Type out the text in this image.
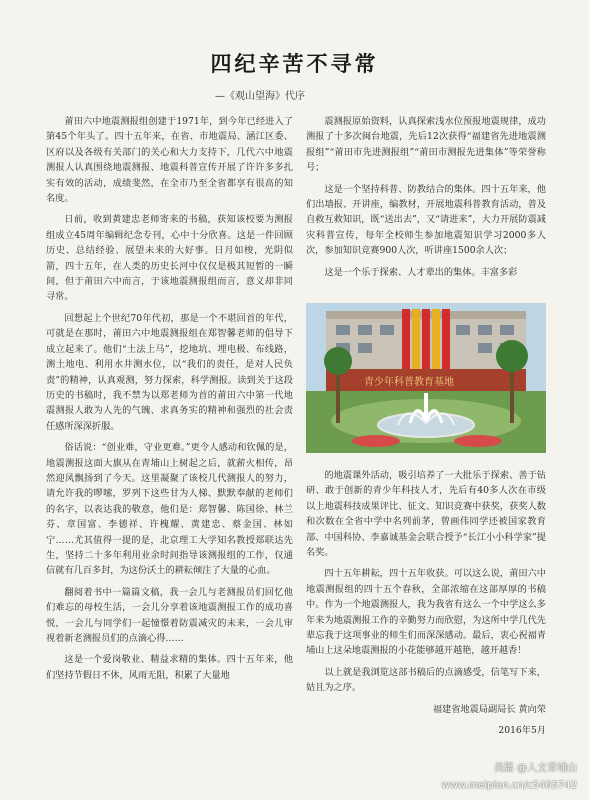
四纪辛苦不寻常
—《观山望海》代序

莆田六中地震测报组创建于1971年，到今年已经进入了第45个年头了。四十五年来，在省、市地震局、涵江区委、区府以及各级有关部门的关心和大力支持下，几代六中地震测报人认真围绕地震测报、地震科普宣传开展了许许多多扎实有效的活动，成绩斐然，在全市乃至全省都享有很高的知名度。

日前，收到黄建忠老师寄来的书稿，获知该校要为测报组成立45周年编辑纪念专刊，心中十分欣喜。这是一件回顾历史、总结经验、展望未来的大好事。日月如梭，光阴似箭，四十五年，在人类的历史长河中仅仅是极其短暂的一瞬间，但于莆田六中而言，于该地震测报组而言，意义却非同寻常。

回想起上个世纪70年代初，那是一个不堪回首的年代，可就是在那时，莆田六中地震测报组在郑智馨老师的倡导下成立起来了。他们“土法上马”，挖地坑、埋电极、布线路，测土地电、利用水井测水位，以“我们的责任，是对人民负责”的精神，认真观测，努力探索，科学测报。读到关于这段历史的书稿时，我不禁为以郑老师为首的莆田六中第一代地震测报人敢为人先的气魄、求真务实的精神和强烈的社会责任感所深深折服。

俗话说：“创业难，守业更难。”更令人感动和钦佩的是，地震测报这面大旗从在青埔山上树起之后，就薪火相传，昂然迎风飘扬到了今天。这里凝聚了该校几代测报人的努力，请允许我的啰嗦，罗列下这些甘为人梯、默默奉献的老师们的名字，以表达我的敬意，他们是：郑智馨、陈国徐、林兰芬、章国富、李德祥、许槐耀、黄建忠、蔡金国、林如宁……尤其值得一提的是，北京理工大学知名教授郑联达先生，坚持二十多年利用业余时间指导该测报组的工作，仅通信就有几百多封，为这份沃土的耕耘倾注了大量的心血。

翻阅着书中一篇篇文稿，我一会儿与老测报员们回忆他们难忘的母校生活，一会儿分享着该地震测报工作的成功喜悦，一会儿与同学们一起憧憬着防震减灾的未来，一会儿审视着新老测报员们的点滴心得……

这是一个爱岗敬业、精益求精的集体。四十五年来，他们坚持节假日不休，风雨无阻，积累了大量地

震测报原始资料，认真探索浅水位预报地震规律，成功测报了十多次闽台地震，先后12次获得“福建省先进地震测报组”“莆田市先进测报组”“莆田市测报先进集体”等荣誉称号；

这是一个坚持科普、防教结合的集体。四十五年来，他们出墙报、开讲座，编教材，开展地震科普教育活动，普及自救互救知识，既“送出去”，又“请进来”，大力开展防震减灾科普宣传，每年全校师生参加地震知识学习2000多人次，参加知识竞赛900人次，听讲座1500余人次；

这是一个乐于探索、人才辈出的集体。丰富多彩

青少年科普教育基地

的地震课外活动，吸引培养了一大批乐于探索、善于钻研、敢于创新的青少年科技人才，先后有40多人次在市级以上地震科技成果评比、征文、知识竞赛中获奖，获奖人数和次数在全省中学中名列前茅，曾画伟同学还被国家教育部、中国科协、李嘉诚基金会联合授予“长江小小科学家”提名奖。

四十五年耕耘，四十五年收获。可以这么说，莆田六中地震测报组的四十五个春秋，全部浓缩在这部厚厚的书稿中。作为一个地震测报人，我为我省有这么一个中学这么多年来为地震测报工作的辛勤努力而欣慰，为这所中学几代先辈忘我于这项事业的师生们而深深感动。最后，衷心祝福青埔山上这朵地震测报的小花能够越开越艳，越开越香！

以上就是我浏览这部书稿后的点滴感受，信笔写下来，姑且为之序。

福建省地震局副局长 黄向荣

2016年5月

美篇 @人文青埔山
www.meipian.cn/c5465742
